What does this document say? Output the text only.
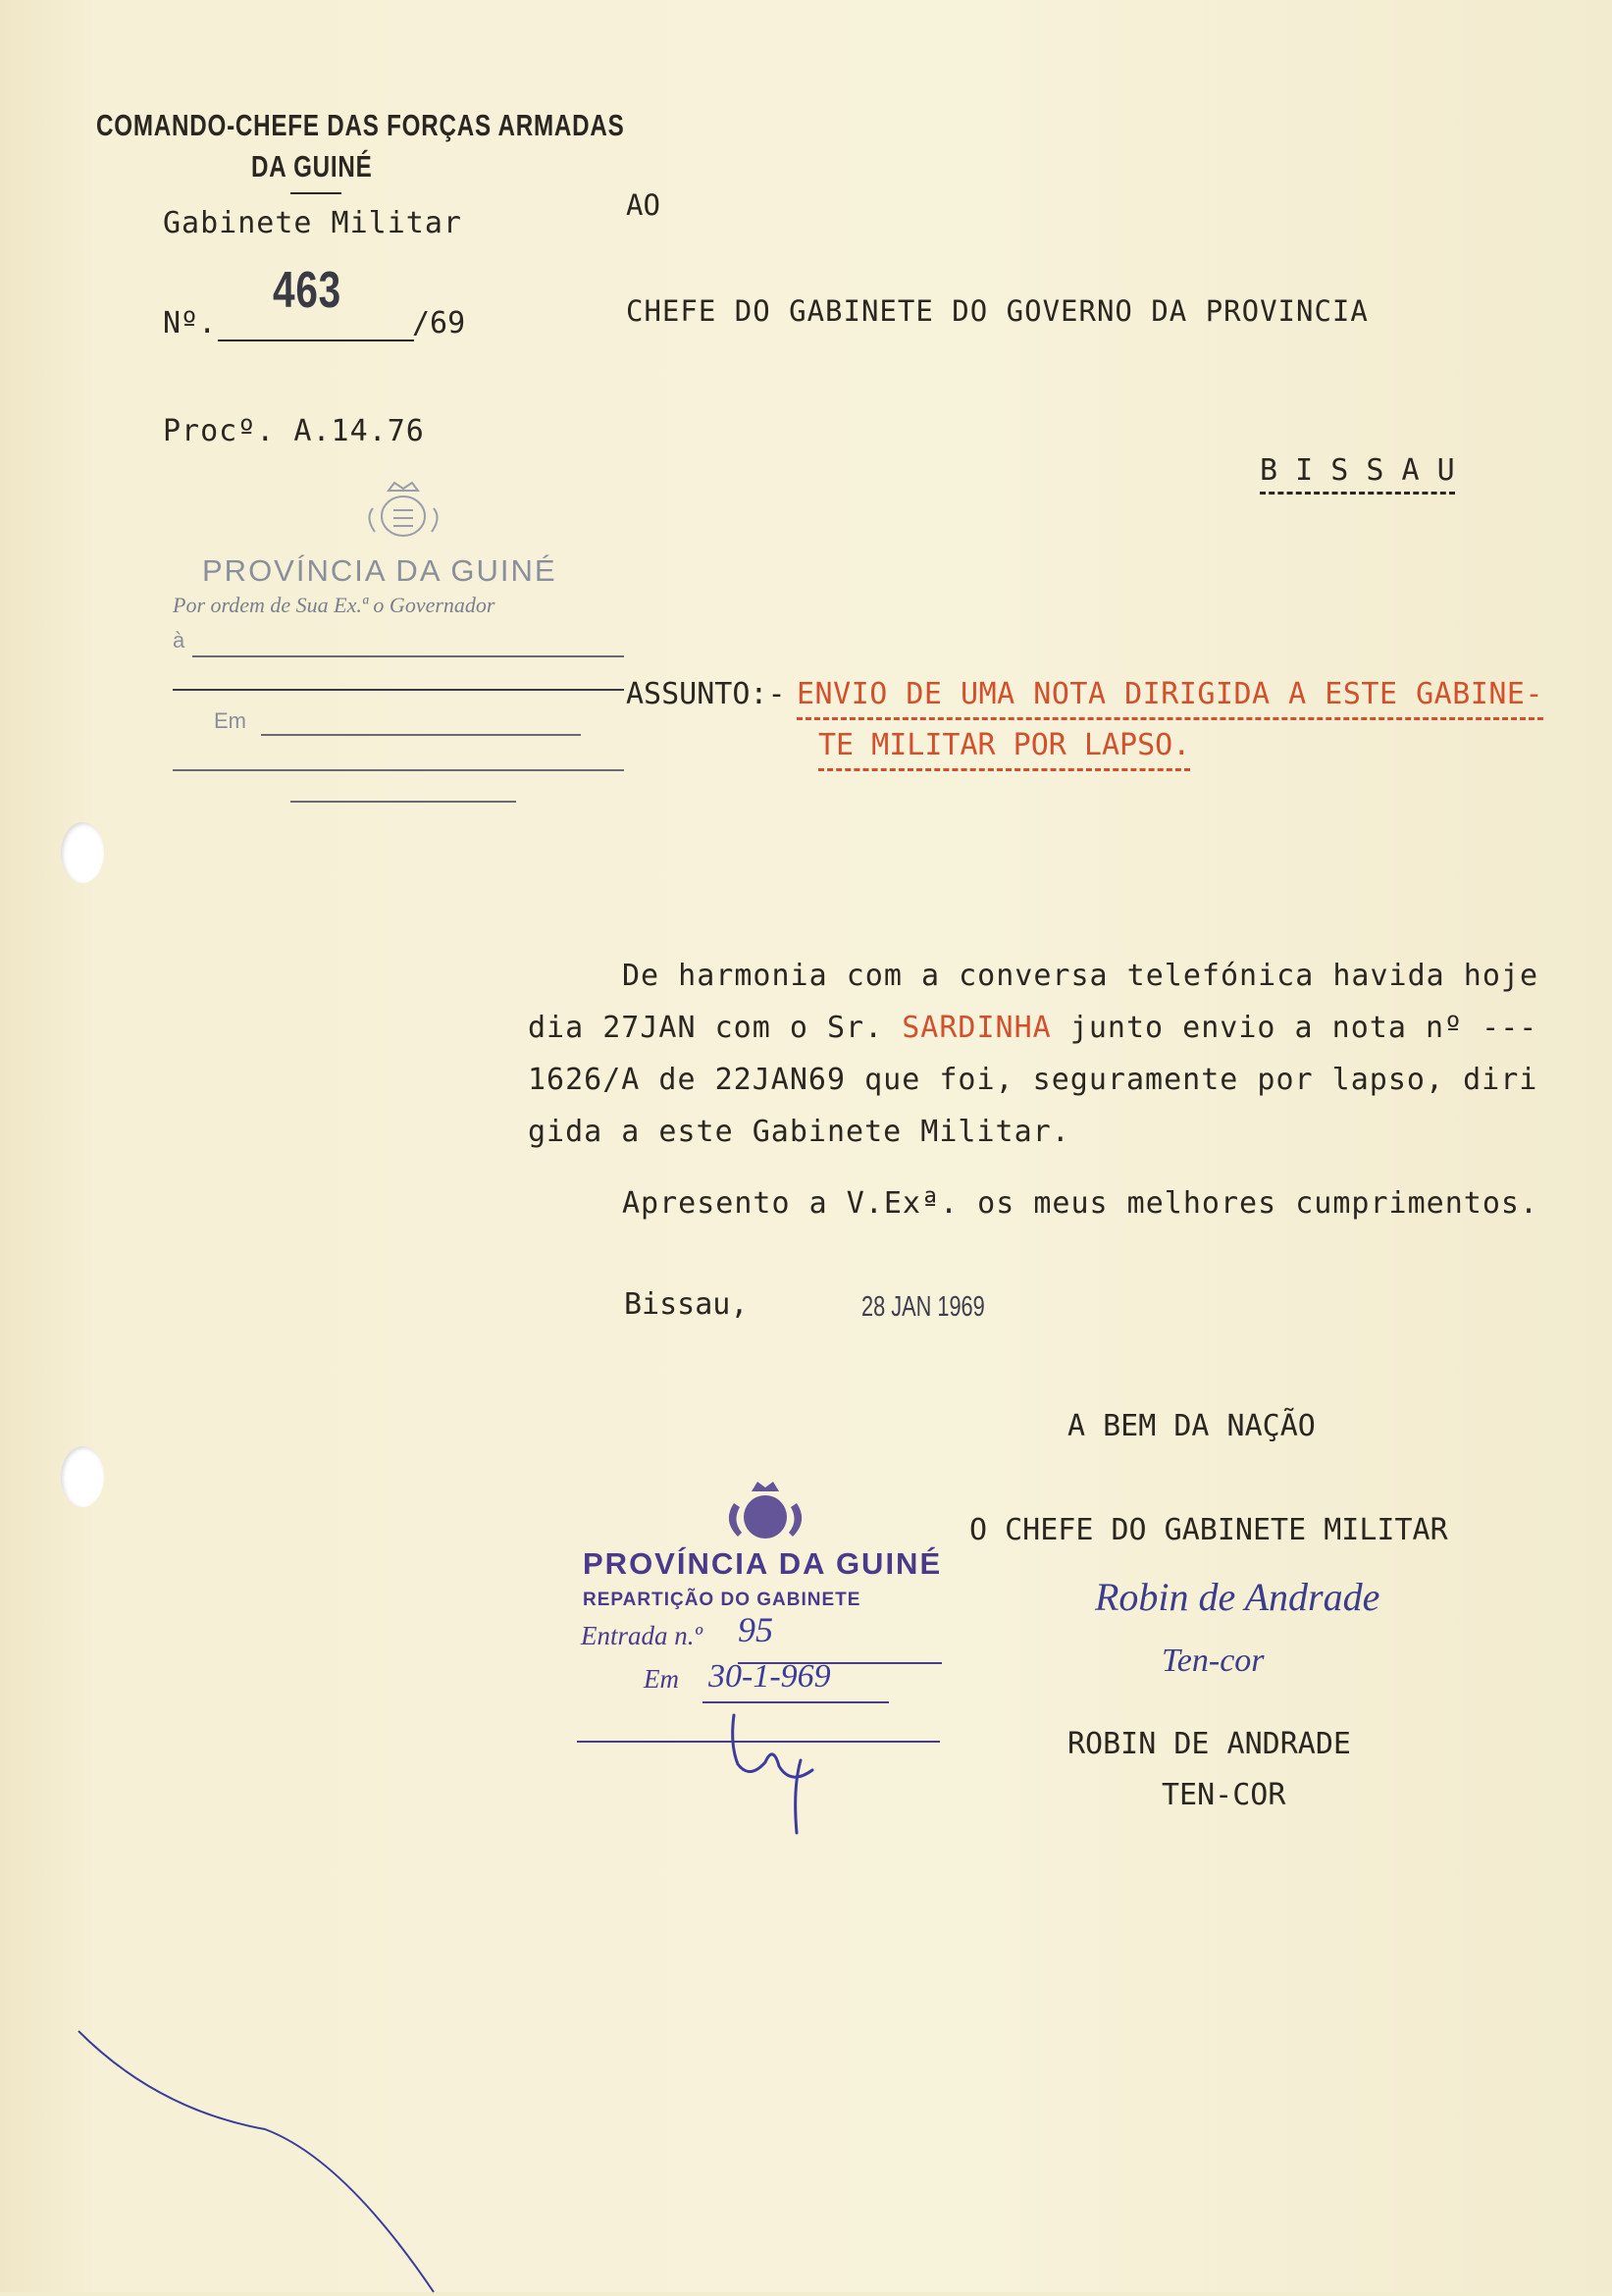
COMANDO-CHEFE DAS FORÇAS ARMADAS
DA GUINÉ
Gabinete Militar
Nº.
463
/69
Procº. A.14.76
AO
CHEFE DO GABINETE DO GOVERNO DA PROVINCIA
B I S S A U
PROVÍNCIA DA GUINÉ
Por ordem de Sua Ex.ª o Governador
à
Em
ASSUNTO:- ENVIO DE UMA NOTA DIRIGIDA A ESTE GABINE-
TE MILITAR POR LAPSO.
De harmonia com a conversa telefónica havida hoje
dia 27JAN com o Sr. SARDINHA junto envio a nota nº ---
1626/A de 22JAN69 que foi, seguramente por lapso, diri
gida a este Gabinete Militar.
Apresento a V.Exª. os meus melhores cumprimentos.
Bissau,	28 JAN 1969
A BEM DA NAÇÃO
O CHEFE DO GABINETE MILITAR
Robin de Andrade
Ten-cor
ROBIN DE ANDRADE
TEN-COR
PROVÍNCIA DA GUINÉ
REPARTIÇÃO DO GABINETE
Entrada n.º 95
Em 30-1-969
